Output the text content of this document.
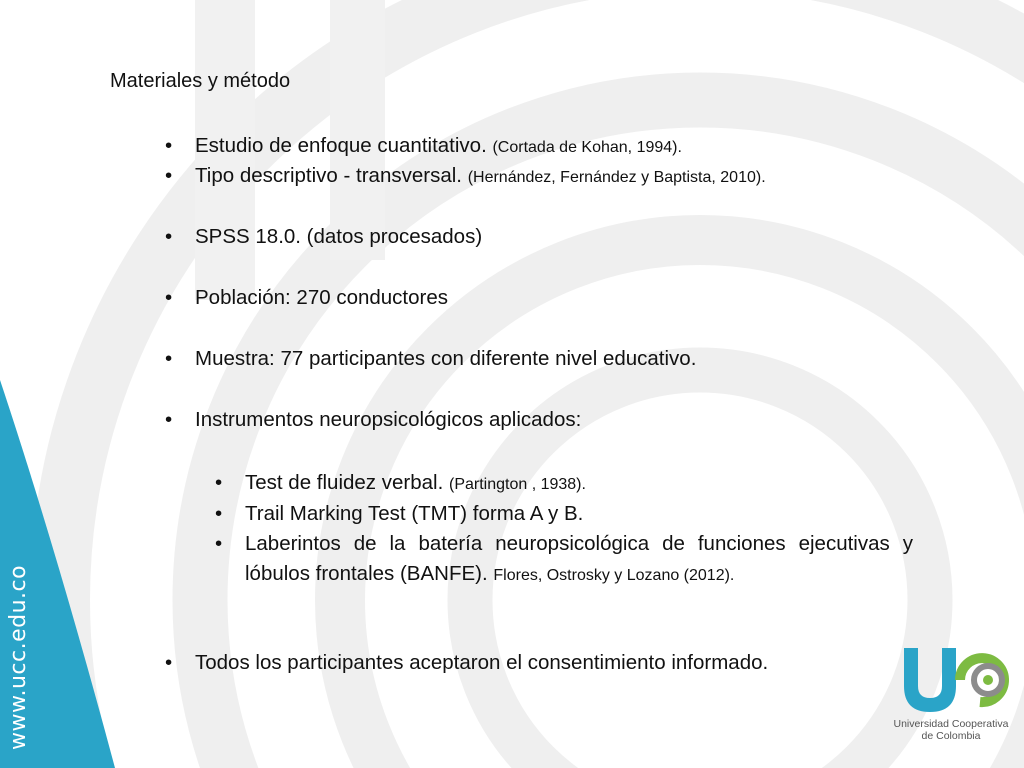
www.ucc.edu.co
Materiales y método
• Estudio de enfoque cuantitativo. (Cortada de Kohan, 1994).
• Tipo descriptivo - transversal. (Hernández, Fernández y Baptista, 2010).
• SPSS 18.0. (datos procesados)
• Población: 270 conductores
• Muestra: 77 participantes con diferente nivel educativo.
• Instrumentos neuropsicológicos aplicados:
• Test de fluidez verbal. (Partington , 1938).
• Trail Marking Test (TMT) forma A y B.
• Laberintos de la batería neuropsicológica de funciones ejecutivas y lóbulos frontales (BANFE). Flores, Ostrosky y Lozano (2012).
• Todos los participantes aceptaron el consentimiento informado.
Universidad Cooperativa
de Colombia
